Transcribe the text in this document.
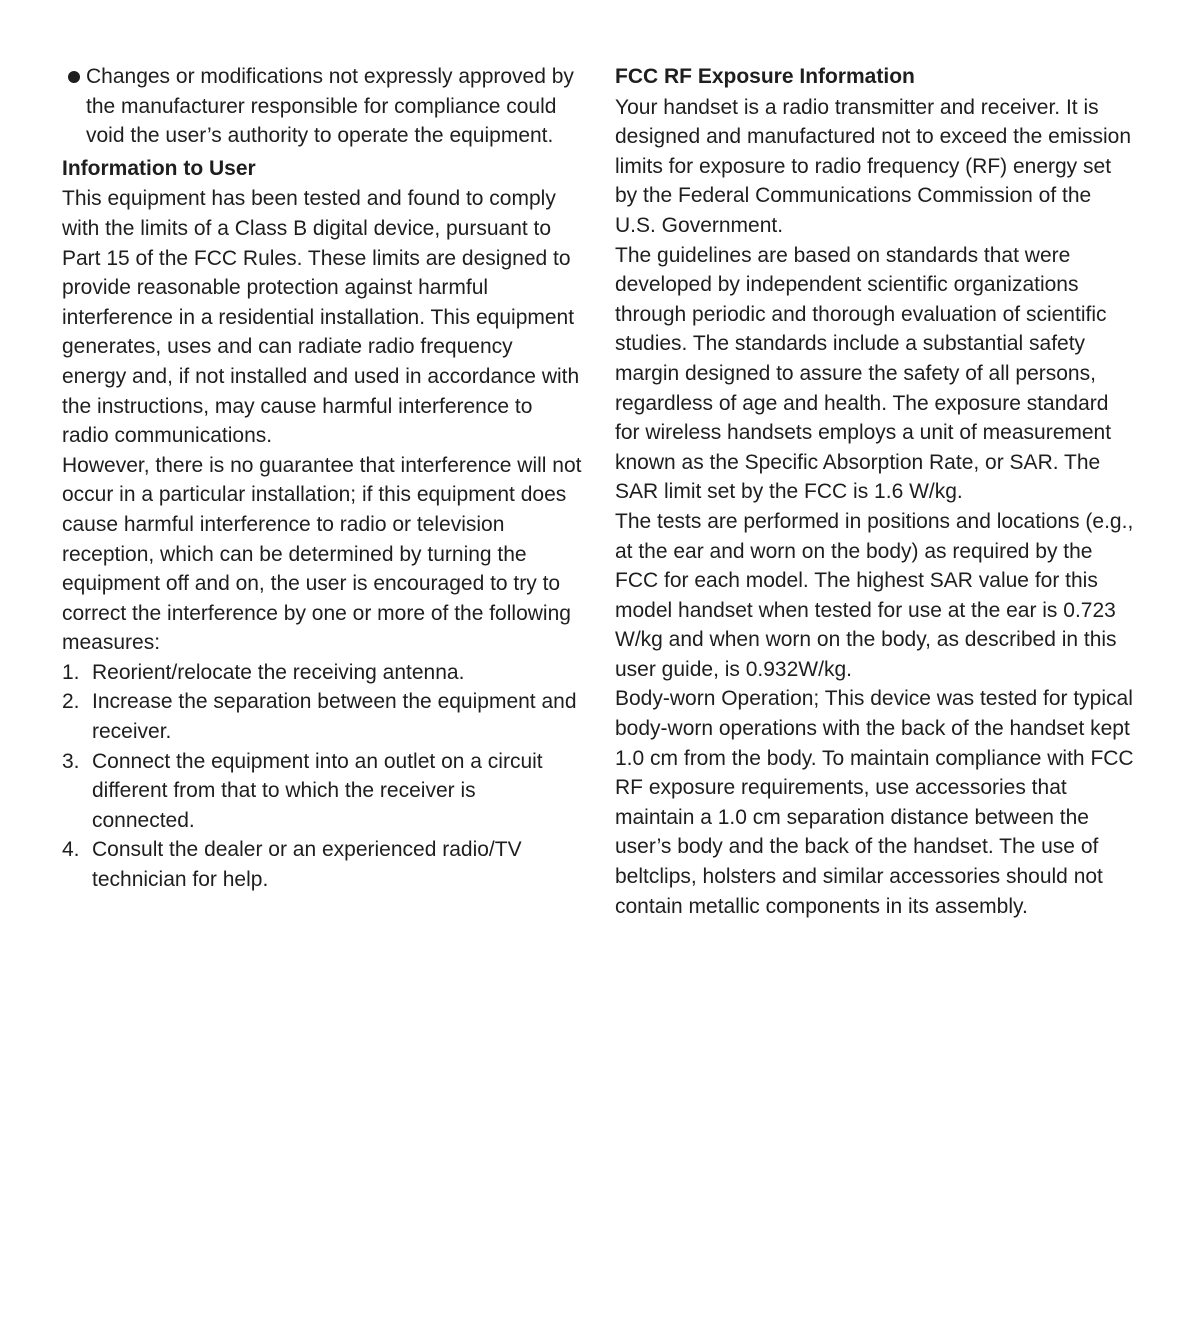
Changes or modifications not expressly approved by the manufacturer responsible for compliance could void the user’s authority to operate the equipment.
Information to User

This equipment has been tested and found to comply with the limits of a Class B digital device, pursuant to Part 15 of the FCC Rules. These limits are designed to provide reasonable protection against harmful interference in a residential installation. This equipment generates, uses and can radiate radio frequency energy and, if not installed and used in accordance with the instructions, may cause harmful interference to radio communications.

However, there is no guarantee that interference will not occur in a particular installation; if this equipment does cause harmful interference to radio or television reception, which can be determined by turning the equipment off and on, the user is encouraged to try to correct the interference by one or more of the following measures:

1. Reorient/relocate the receiving antenna.
2. Increase the separation between the equipment and receiver.
3. Connect the equipment into an outlet on a circuit different from that to which the receiver is connected.
4. Consult the dealer or an experienced radio/TV technician for help.
FCC RF Exposure Information

Your handset is a radio transmitter and receiver. It is designed and manufactured not to exceed the emission limits for exposure to radio frequency (RF) energy set by the Federal Communications Commission of the U.S. Government.

The guidelines are based on standards that were developed by independent scientific organizations through periodic and thorough evaluation of scientific studies. The standards include a substantial safety margin designed to assure the safety of all persons, regardless of age and health. The exposure standard for wireless handsets employs a unit of measurement known as the Specific Absorption Rate, or SAR. The SAR limit set by the FCC is 1.6 W/kg.

The tests are performed in positions and locations (e.g., at the ear and worn on the body) as required by the FCC for each model. The highest SAR value for this model handset when tested for use at the ear is 0.723 W/kg and when worn on the body, as described in this user guide, is 0.932W/kg.

Body-worn Operation; This device was tested for typical body-worn operations with the back of the handset kept 1.0 cm from the body. To maintain compliance with FCC RF exposure requirements, use accessories that maintain a 1.0 cm separation distance between the user’s body and the back of the handset. The use of beltclips, holsters and similar accessories should not contain metallic components in its assembly.
